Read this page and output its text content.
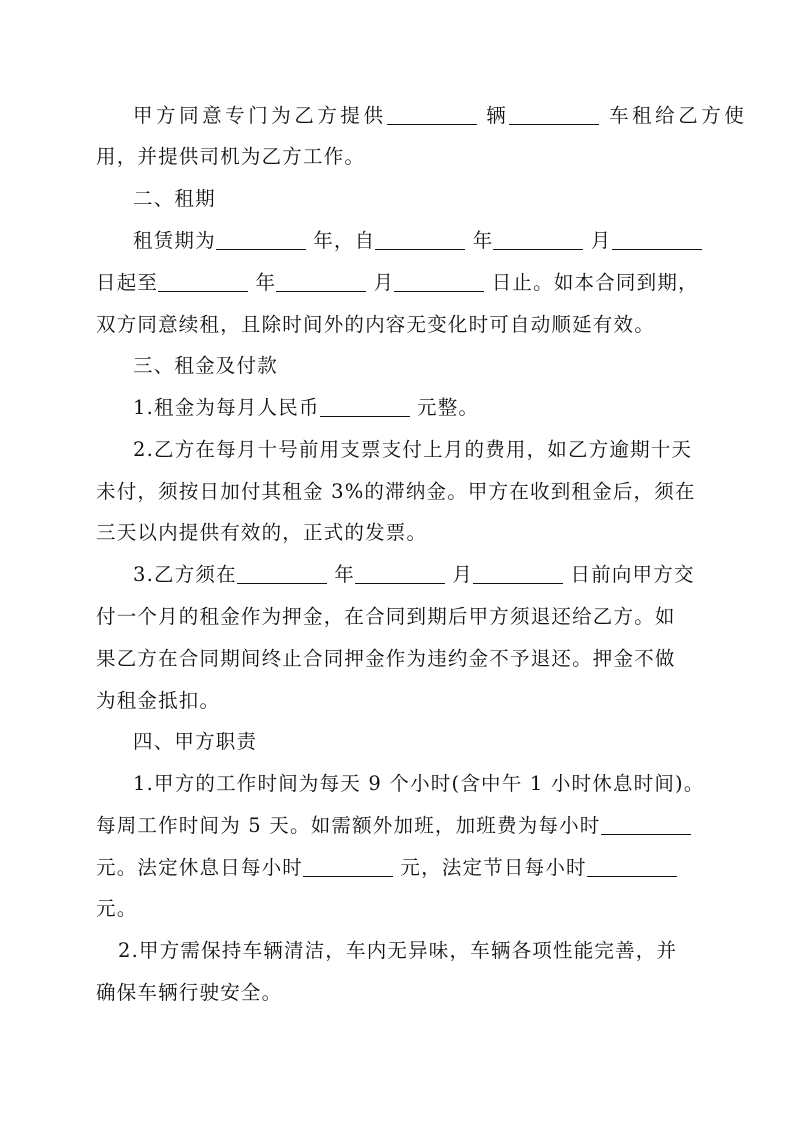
甲方同意专门为乙方提供	辆	车租给乙方使
用，并提供司机为乙方工作。
二、租期
租赁期为	年，自	年	月
日起至	年	月	日止。如本合同到期，
双方同意续租，且除时间外的内容无变化时可自动顺延有效。
三、租金及付款
1.租金为每月人民币	元整。
2.乙方在每月十号前用支票支付上月的费用，如乙方逾期十天
未付，须按日加付其租金 3%的滞纳金。甲方在收到租金后，须在
三天以内提供有效的，正式的发票。
3.乙方须在	年	月	日前向甲方交
付一个月的租金作为押金，在合同到期后甲方须退还给乙方。如
果乙方在合同期间终止合同押金作为违约金不予退还。押金不做
为租金抵扣。
四、甲方职责
1.甲方的工作时间为每天 9 个小时(含中午 1 小时休息时间)。
每周工作时间为 5 天。如需额外加班，加班费为每小时
元。法定休息日每小时	元，法定节日每小时
元。
2.甲方需保持车辆清洁，车内无异味，车辆各项性能完善，并
确保车辆行驶安全。
